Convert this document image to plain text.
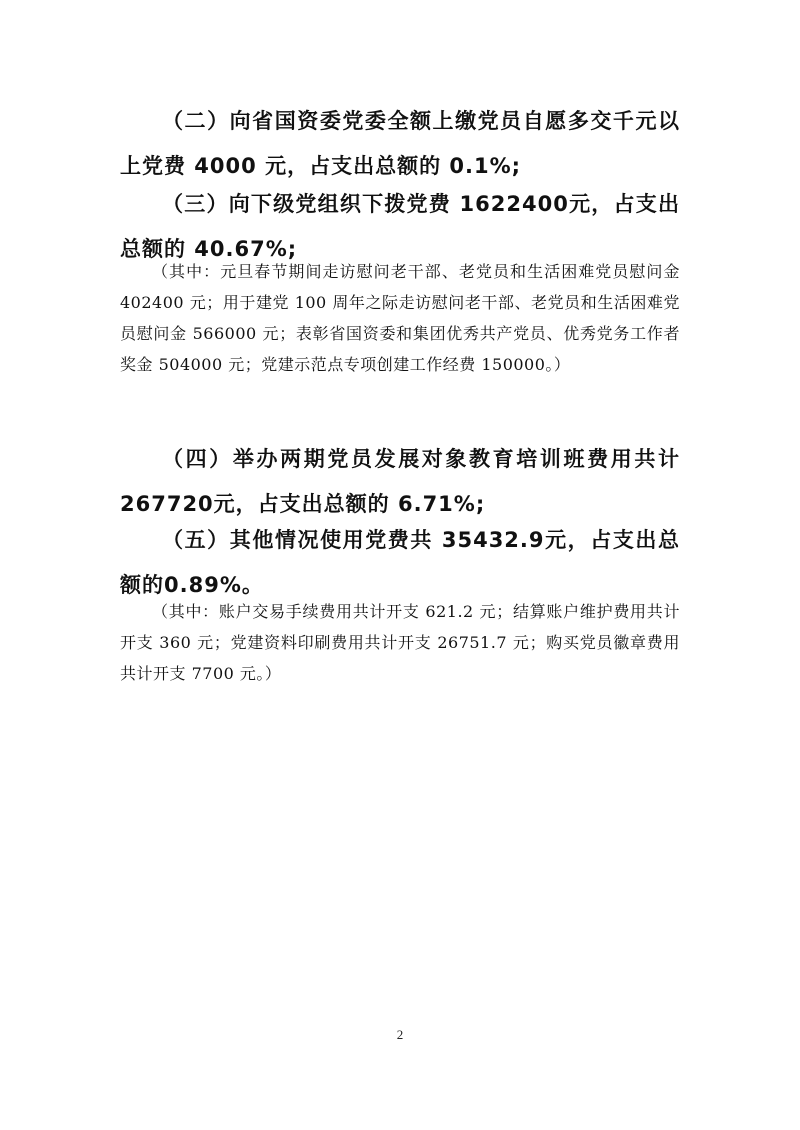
（二）向省国资委党委全额上缴党员自愿多交千元以上党费 4000 元，占支出总额的 0.1%;

（三）向下级党组织下拨党费 1622400元，占支出总额的 40.67%;

（其中：元旦春节期间走访慰问老干部、老党员和生活困难党员慰问金 402400 元；用于建党 100 周年之际走访慰问老干部、老党员和生活困难党员慰问金 566000 元；表彰省国资委和集团优秀共产党员、优秀党务工作者奖金 504000 元；党建示范点专项创建工作经费 150000。）

（四）举办两期党员发展对象教育培训班费用共计267720元，占支出总额的 6.71%;

（五）其他情况使用党费共 35432.9元，占支出总额的0.89%。

（其中：账户交易手续费用共计开支 621.2 元；结算账户维护费用共计开支 360 元；党建资料印刷费用共计开支 26751.7 元；购买党员徽章费用共计开支 7700 元。）

2
